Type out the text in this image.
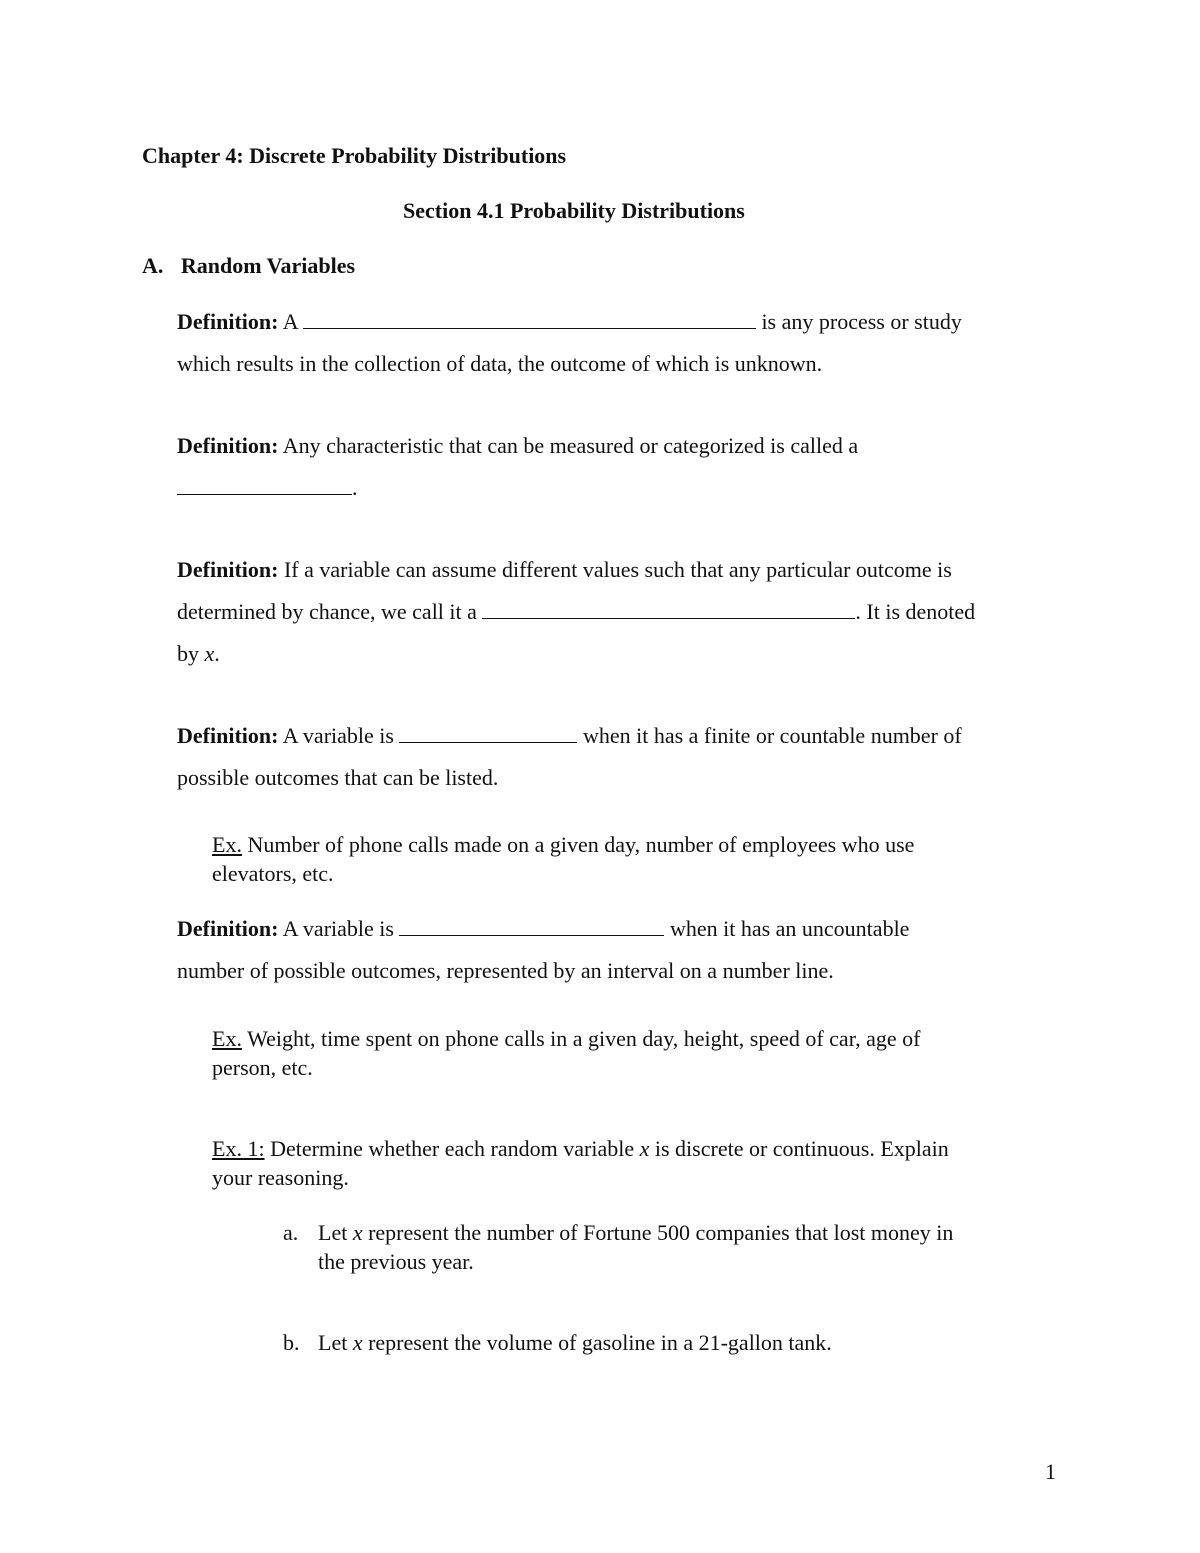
Chapter 4: Discrete Probability Distributions
Section 4.1 Probability Distributions
A. Random Variables
Definition: A	is any process or study
which results in the collection of data, the outcome of which is unknown.
Definition: Any characteristic that can be measured or categorized is called a
.
Definition: If a variable can assume different values such that any particular outcome is
determined by chance, we call it a	. It is denoted
by x.
Definition: A variable is	when it has a finite or countable number of
possible outcomes that can be listed.
Ex. Number of phone calls made on a given day, number of employees who use
elevators, etc.
Definition: A variable is	when it has an uncountable
number of possible outcomes, represented by an interval on a number line.
Ex. Weight, time spent on phone calls in a given day, height, speed of car, age of
person, etc.
Ex. 1: Determine whether each random variable x is discrete or continuous. Explain
your reasoning.
a. Let x represent the number of Fortune 500 companies that lost money in
the previous year.
b. Let x represent the volume of gasoline in a 21-gallon tank.
1
